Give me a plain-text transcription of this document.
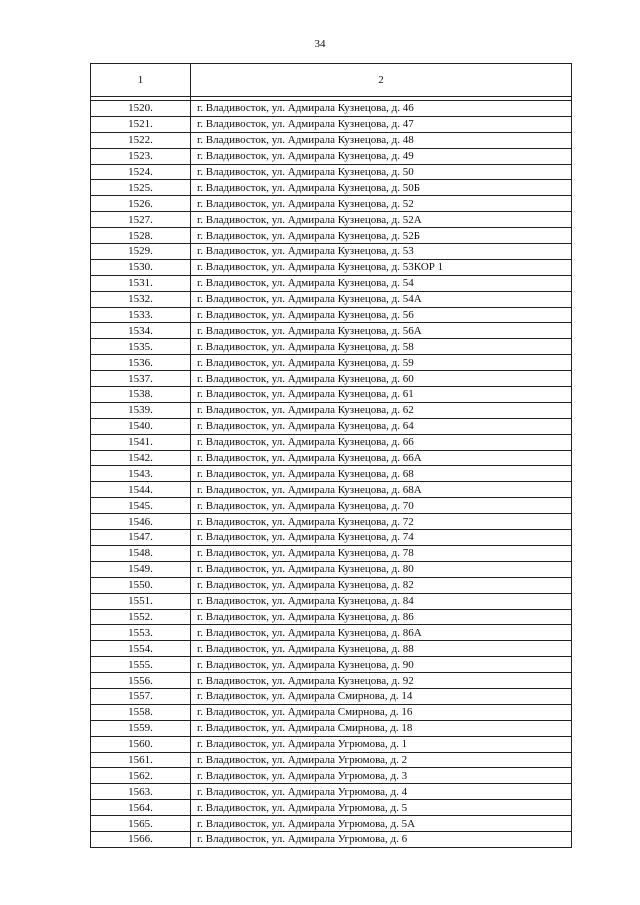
34
1	2

1520.	г. Владивосток, ул. Адмирала Кузнецова, д. 46
1521.	г. Владивосток, ул. Адмирала Кузнецова, д. 47
1522.	г. Владивосток, ул. Адмирала Кузнецова, д. 48
1523.	г. Владивосток, ул. Адмирала Кузнецова, д. 49
1524.	г. Владивосток, ул. Адмирала Кузнецова, д. 50
1525.	г. Владивосток, ул. Адмирала Кузнецова, д. 50Б
1526.	г. Владивосток, ул. Адмирала Кузнецова, д. 52
1527.	г. Владивосток, ул. Адмирала Кузнецова, д. 52А
1528.	г. Владивосток, ул. Адмирала Кузнецова, д. 52Б
1529.	г. Владивосток, ул. Адмирала Кузнецова, д. 53
1530.	г. Владивосток, ул. Адмирала Кузнецова, д. 53КОР 1
1531.	г. Владивосток, ул. Адмирала Кузнецова, д. 54
1532.	г. Владивосток, ул. Адмирала Кузнецова, д. 54А
1533.	г. Владивосток, ул. Адмирала Кузнецова, д. 56
1534.	г. Владивосток, ул. Адмирала Кузнецова, д. 56А
1535.	г. Владивосток, ул. Адмирала Кузнецова, д. 58
1536.	г. Владивосток, ул. Адмирала Кузнецова, д. 59
1537.	г. Владивосток, ул. Адмирала Кузнецова, д. 60
1538.	г. Владивосток, ул. Адмирала Кузнецова, д. 61
1539.	г. Владивосток, ул. Адмирала Кузнецова, д. 62
1540.	г. Владивосток, ул. Адмирала Кузнецова, д. 64
1541.	г. Владивосток, ул. Адмирала Кузнецова, д. 66
1542.	г. Владивосток, ул. Адмирала Кузнецова, д. 66А
1543.	г. Владивосток, ул. Адмирала Кузнецова, д. 68
1544.	г. Владивосток, ул. Адмирала Кузнецова, д. 68А
1545.	г. Владивосток, ул. Адмирала Кузнецова, д. 70
1546.	г. Владивосток, ул. Адмирала Кузнецова, д. 72
1547.	г. Владивосток, ул. Адмирала Кузнецова, д. 74
1548.	г. Владивосток, ул. Адмирала Кузнецова, д. 78
1549.	г. Владивосток, ул. Адмирала Кузнецова, д. 80
1550.	г. Владивосток, ул. Адмирала Кузнецова, д. 82
1551.	г. Владивосток, ул. Адмирала Кузнецова, д. 84
1552.	г. Владивосток, ул. Адмирала Кузнецова, д. 86
1553.	г. Владивосток, ул. Адмирала Кузнецова, д. 86А
1554.	г. Владивосток, ул. Адмирала Кузнецова, д. 88
1555.	г. Владивосток, ул. Адмирала Кузнецова, д. 90
1556.	г. Владивосток, ул. Адмирала Кузнецова, д. 92
1557.	г. Владивосток, ул. Адмирала Смирнова, д. 14
1558.	г. Владивосток, ул. Адмирала Смирнова, д. 16
1559.	г. Владивосток, ул. Адмирала Смирнова, д. 18
1560.	г. Владивосток, ул. Адмирала Угрюмова, д. 1
1561.	г. Владивосток, ул. Адмирала Угрюмова, д. 2
1562.	г. Владивосток, ул. Адмирала Угрюмова, д. 3
1563.	г. Владивосток, ул. Адмирала Угрюмова, д. 4
1564.	г. Владивосток, ул. Адмирала Угрюмова, д. 5
1565.	г. Владивосток, ул. Адмирала Угрюмова, д. 5А
1566.	г. Владивосток, ул. Адмирала Угрюмова, д. 6
